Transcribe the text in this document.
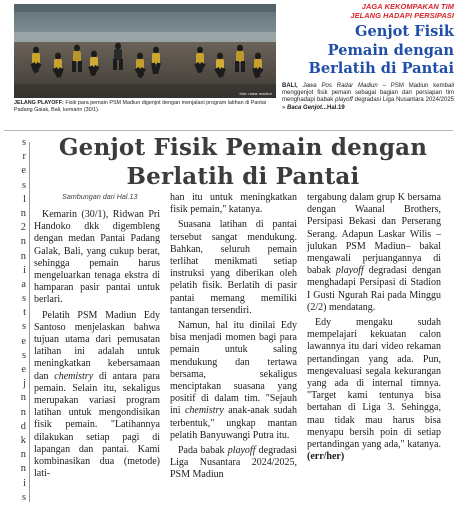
foto: radar madiun
JELANG PLAYOFF: Fisik para pemain PSM Madiun digenjot dengan menjalani program latihan di Pantai Padang Galak, Bali, kemarin (30/1).
JAGA KEKOMPAKAN TIM
JELANG HADAPI PERSIPASI
Genjot Fisik
Pemain dengan
Berlatih di Pantai
BALI, Jawa Pos Radar Madiun – PSM Madiun kembali menggenjot fisik pemain sebagai bagian dari persiapan tim menghadapi babak playoff degradasi Liga Nusantara 2024/2025 » Baca Genjot...Hal.19
s
r
e
s
l
n
2
n
n
i
a
s
t
s
e
s
e
j
n
n
d
k
n
n
i
s
Genjot Fisik Pemain dengan
Berlatih di Pantai
Sambungan dari Hal.13

Kemarin (30/1), Ridwan Pri Handoko dkk digembleng dengan medan Pantai Padang Galak, Bali, yang cukup berat, sehingga pemain harus mengeluarkan tenaga ekstra di hamparan pasir pantai untuk berlari.

Pelatih PSM Madiun Edy Santoso menjelaskan bahwa tujuan utama dari pemusatan latihan ini adalah untuk meningkatkan kebersamaan dan chemistry di antara para pemain. Selain itu, sekaligus merupakan variasi program latihan untuk mengondisikan fisik pemain. "Latihannya dilakukan setiap pagi di lapangan dan pantai. Kami kombinasikan dua (metode) lati-

han itu untuk meningkatkan fisik pemain," katanya.

Suasana latihan di pantai tersebut sangat mendukung. Bahkan, seluruh pemain terlihat menikmati setiap instruksi yang diberikan oleh pelatih fisik. Berlatih di pasir pantai memang memiliki tantangan tersendiri.

Namun, hal itu dinilai Edy bisa menjadi momen bagi para pemain untuk saling mendukung dan tertawa bersama, sekaligus menciptakan suasana yang positif di dalam tim. "Sejauh ini chemistry anak-anak sudah terbentuk," ungkap mantan pelatih Banyuwangi Putra itu.

Pada babak playoff degradasi Liga Nusantara 2024/2025, PSM Madiun

tergabung dalam grup K bersama dengan Waanal Brothers, Persipasi Bekasi dan Perserang Serang. Adapun Laskar Wilis –julukan PSM Madiun– bakal mengawali perjuangannya di babak playoff degradasi dengan menghadapi Persipasi di Stadion I Gusti Ngurah Rai pada Minggu (2/2) mendatang.

Edy mengaku sudah mempelajari kekuatan calon lawannya itu dari video rekaman pertandingan yang ada. Pun, mengevaluasi segala kekurangan yang ada di internal timnya. "Target kami tentunya bisa bertahan di Liga 3. Sehingga, mau tidak mau harus bisa menyapu bersih poin di setiap pertandingan yang ada," katanya. (err/her)
